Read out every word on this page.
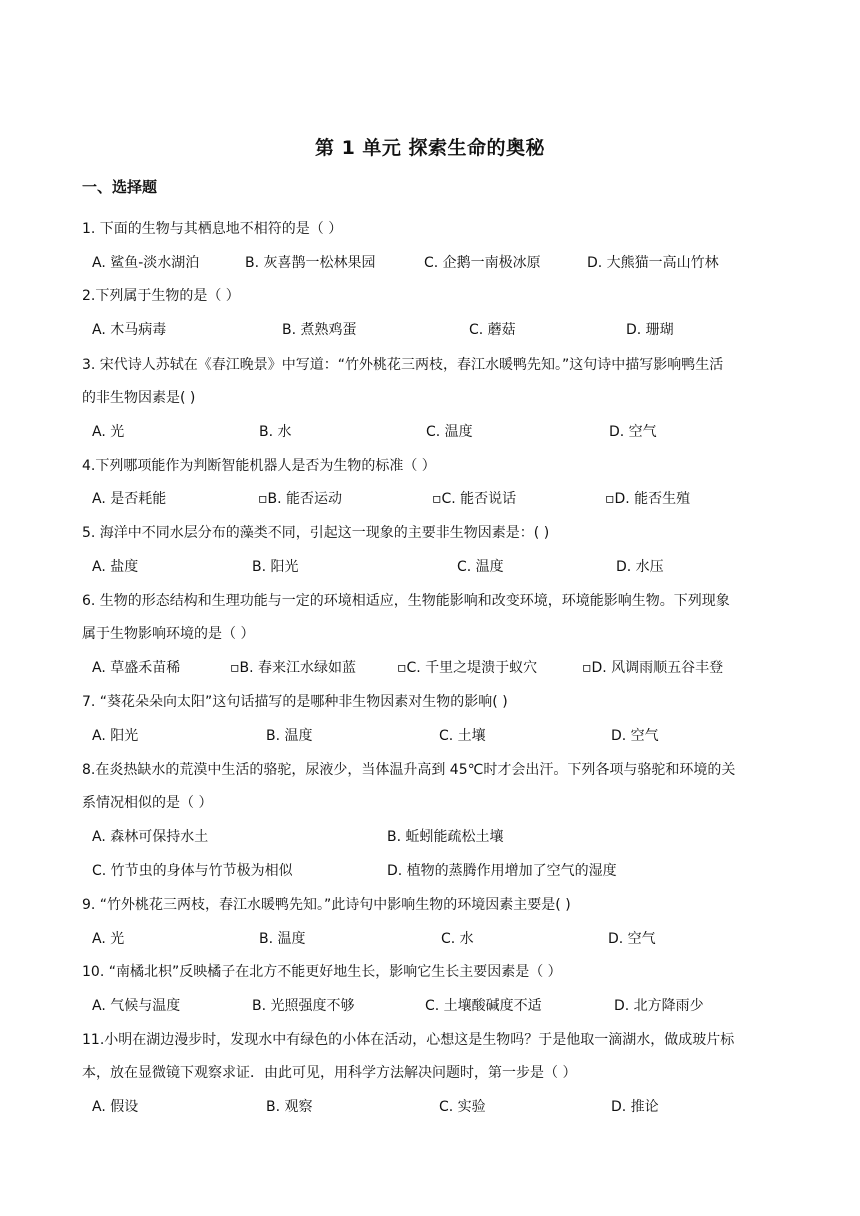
第 1 单元 探索生命的奥秘
一、选择题
1. 下面的生物与其栖息地不相符的是（ ）
A. 鲨鱼-淡水湖泊	B. 灰喜鹊一松林果园	C. 企鹅一南极冰原	D. 大熊猫一高山竹林
2.下列属于生物的是（ ）
A. 木马病毒	B. 煮熟鸡蛋	C. 蘑菇	D. 珊瑚
3. 宋代诗人苏轼在《春江晚景》中写道：“竹外桃花三两枝，春江水暖鸭先知。”这句诗中描写影响鸭生活
的非生物因素是( )
A. 光	B. 水	C. 温度	D. 空气
4.下列哪项能作为判断智能机器人是否为生物的标准（ ）
A. 是否耗能	▫B. 能否运动	▫C. 能否说话	▫D. 能否生殖
5. 海洋中不同水层分布的藻类不同，引起这一现象的主要非生物因素是：( )
A. 盐度	B. 阳光	C. 温度	D. 水压
6. 生物的形态结构和生理功能与一定的环境相适应，生物能影响和改变环境，环境能影响生物。下列现象
属于生物影响环境的是（ ）
A. 草盛禾苗稀	▫B. 春来江水绿如蓝	▫C. 千里之堤溃于蚁穴	▫D. 风调雨顺五谷丰登
7. “葵花朵朵向太阳”这句话描写的是哪种非生物因素对生物的影响( )
A. 阳光	B. 温度	C. 土壤	D. 空气
8.在炎热缺水的荒漠中生活的骆驼，尿液少，当体温升高到 45℃时才会出汗。下列各项与骆驼和环境的关
系情况相似的是（ ）
A. 森林可保持水土	B. 蚯蚓能疏松土壤
C. 竹节虫的身体与竹节极为相似	D. 植物的蒸腾作用增加了空气的湿度
9. “竹外桃花三两枝，春江水暖鸭先知。”此诗句中影响生物的环境因素主要是( )
A. 光	B. 温度	C. 水	D. 空气
10. “南橘北枳”反映橘子在北方不能更好地生长，影响它生长主要因素是（ ）
A. 气候与温度	B. 光照强度不够	C. 土壤酸碱度不适	D. 北方降雨少
11.小明在湖边漫步时，发现水中有绿色的小体在活动，心想这是生物吗？于是他取一滴湖水，做成玻片标
本，放在显微镜下观察求证．由此可见，用科学方法解决问题时，第一步是（ ）
A. 假设	B. 观察	C. 实验	D. 推论
